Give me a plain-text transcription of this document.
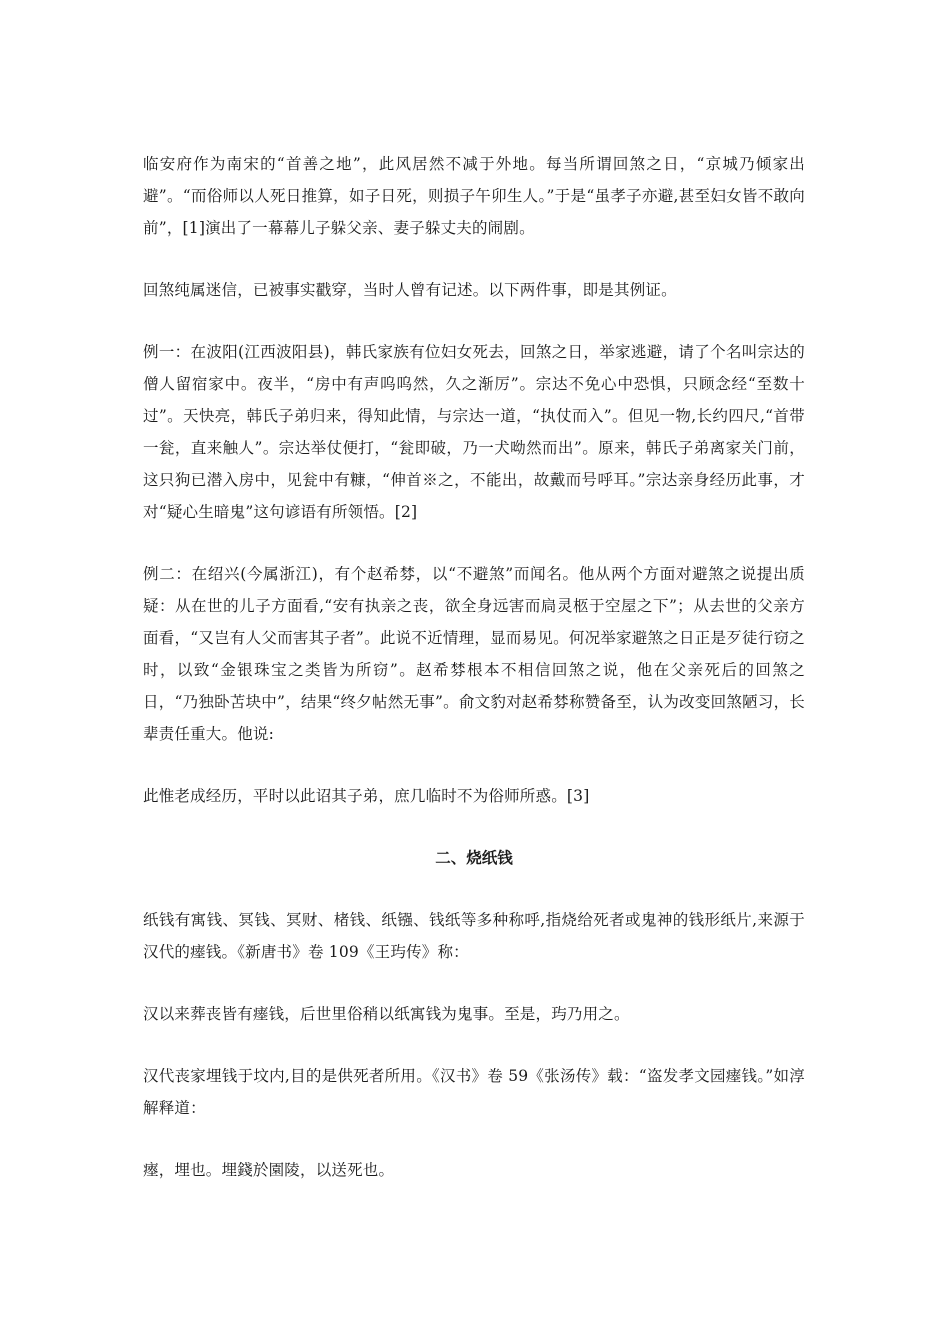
临安府作为南宋的“首善之地”，此风居然不减于外地。每当所谓回煞之日，“京城乃倾家出避”。“而俗师以人死日推算，如子日死，则损子午卯生人。”于是“虽孝子亦避,甚至妇女皆不敢向前”，[1]演出了一幕幕儿子躲父亲、妻子躲丈夫的闹剧。

回煞纯属迷信，已被事实戳穿，当时人曾有记述。以下两件事，即是其例证。

例一：在波阳(江西波阳县)，韩氏家族有位妇女死去，回煞之日，举家逃避，请了个名叫宗达的僧人留宿家中。夜半，“房中有声呜呜然，久之渐厉”。宗达不免心中恐惧，只顾念经“至数十过”。天快亮，韩氏子弟归来，得知此情，与宗达一道，“执仗而入”。但见一物,长约四尺,“首带一瓮，直来触人”。宗达举仗便打，“瓮即破，乃一犬呦然而出”。原来，韩氏子弟离家关门前，这只狗已潜入房中，见瓮中有糠，“伸首※之，不能出，故戴而号呼耳。”宗达亲身经历此事，才对“疑心生暗鬼”这句谚语有所领悟。[2]

例二：在绍兴(今属浙江)，有个赵希棼，以“不避煞”而闻名。他从两个方面对避煞之说提出质疑：从在世的儿子方面看,“安有执亲之丧，欲全身远害而扃灵柩于空屋之下”；从去世的父亲方面看，“又岂有人父而害其子者”。此说不近情理，显而易见。何况举家避煞之日正是歹徒行窃之时，以致“金银珠宝之类皆为所窃”。赵希棼根本不相信回煞之说，他在父亲死后的回煞之日，“乃独卧苫块中”，结果“终夕帖然无事”。俞文豹对赵希棼称赞备至，认为改变回煞陋习，长辈责任重大。他说:

此惟老成经历，平时以此诏其子弟，庶几临时不为俗师所惑。[3]

二、烧纸钱

纸钱有寓钱、冥钱、冥财、楮钱、纸镪、钱纸等多种称呼,指烧给死者或鬼神的钱形纸片,来源于汉代的瘗钱。《新唐书》卷 109《王玙传》称：

汉以来葬丧皆有瘗钱，后世里俗稍以纸寓钱为鬼事。至是，玙乃用之。

汉代丧家埋钱于坟内,目的是供死者所用。《汉书》卷 59《张汤传》载：“盗发孝文园瘗钱。”如淳解释道：

瘞，埋也。埋錢於園陵，以送死也。
